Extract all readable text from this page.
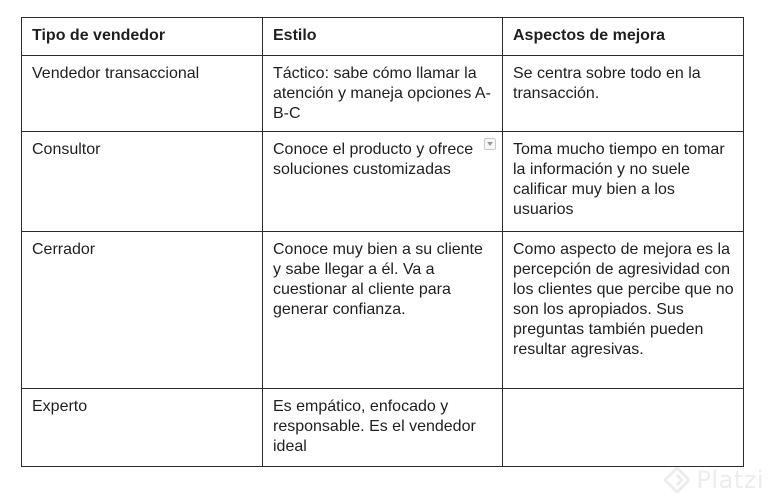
Tipo de vendedor	Estilo	Aspectos de mejora
Vendedor transaccional	Táctico: sabe cómo llamar la atención y maneja opciones A-B-C	Se centra sobre todo en la transacción.
Consultor	Conoce el producto y ofrece soluciones customizadas	Toma mucho tiempo en tomar la información y no suele calificar muy bien a los usuarios
Cerrador	Conoce muy bien a su cliente y sabe llegar a él. Va a cuestionar al cliente para generar confianza.	Como aspecto de mejora es la percepción de agresividad con los clientes que percibe que no son los apropiados. Sus preguntas también pueden resultar agresivas.
Experto	Es empático, enfocado y responsable. Es el vendedor ideal	
Platzi
